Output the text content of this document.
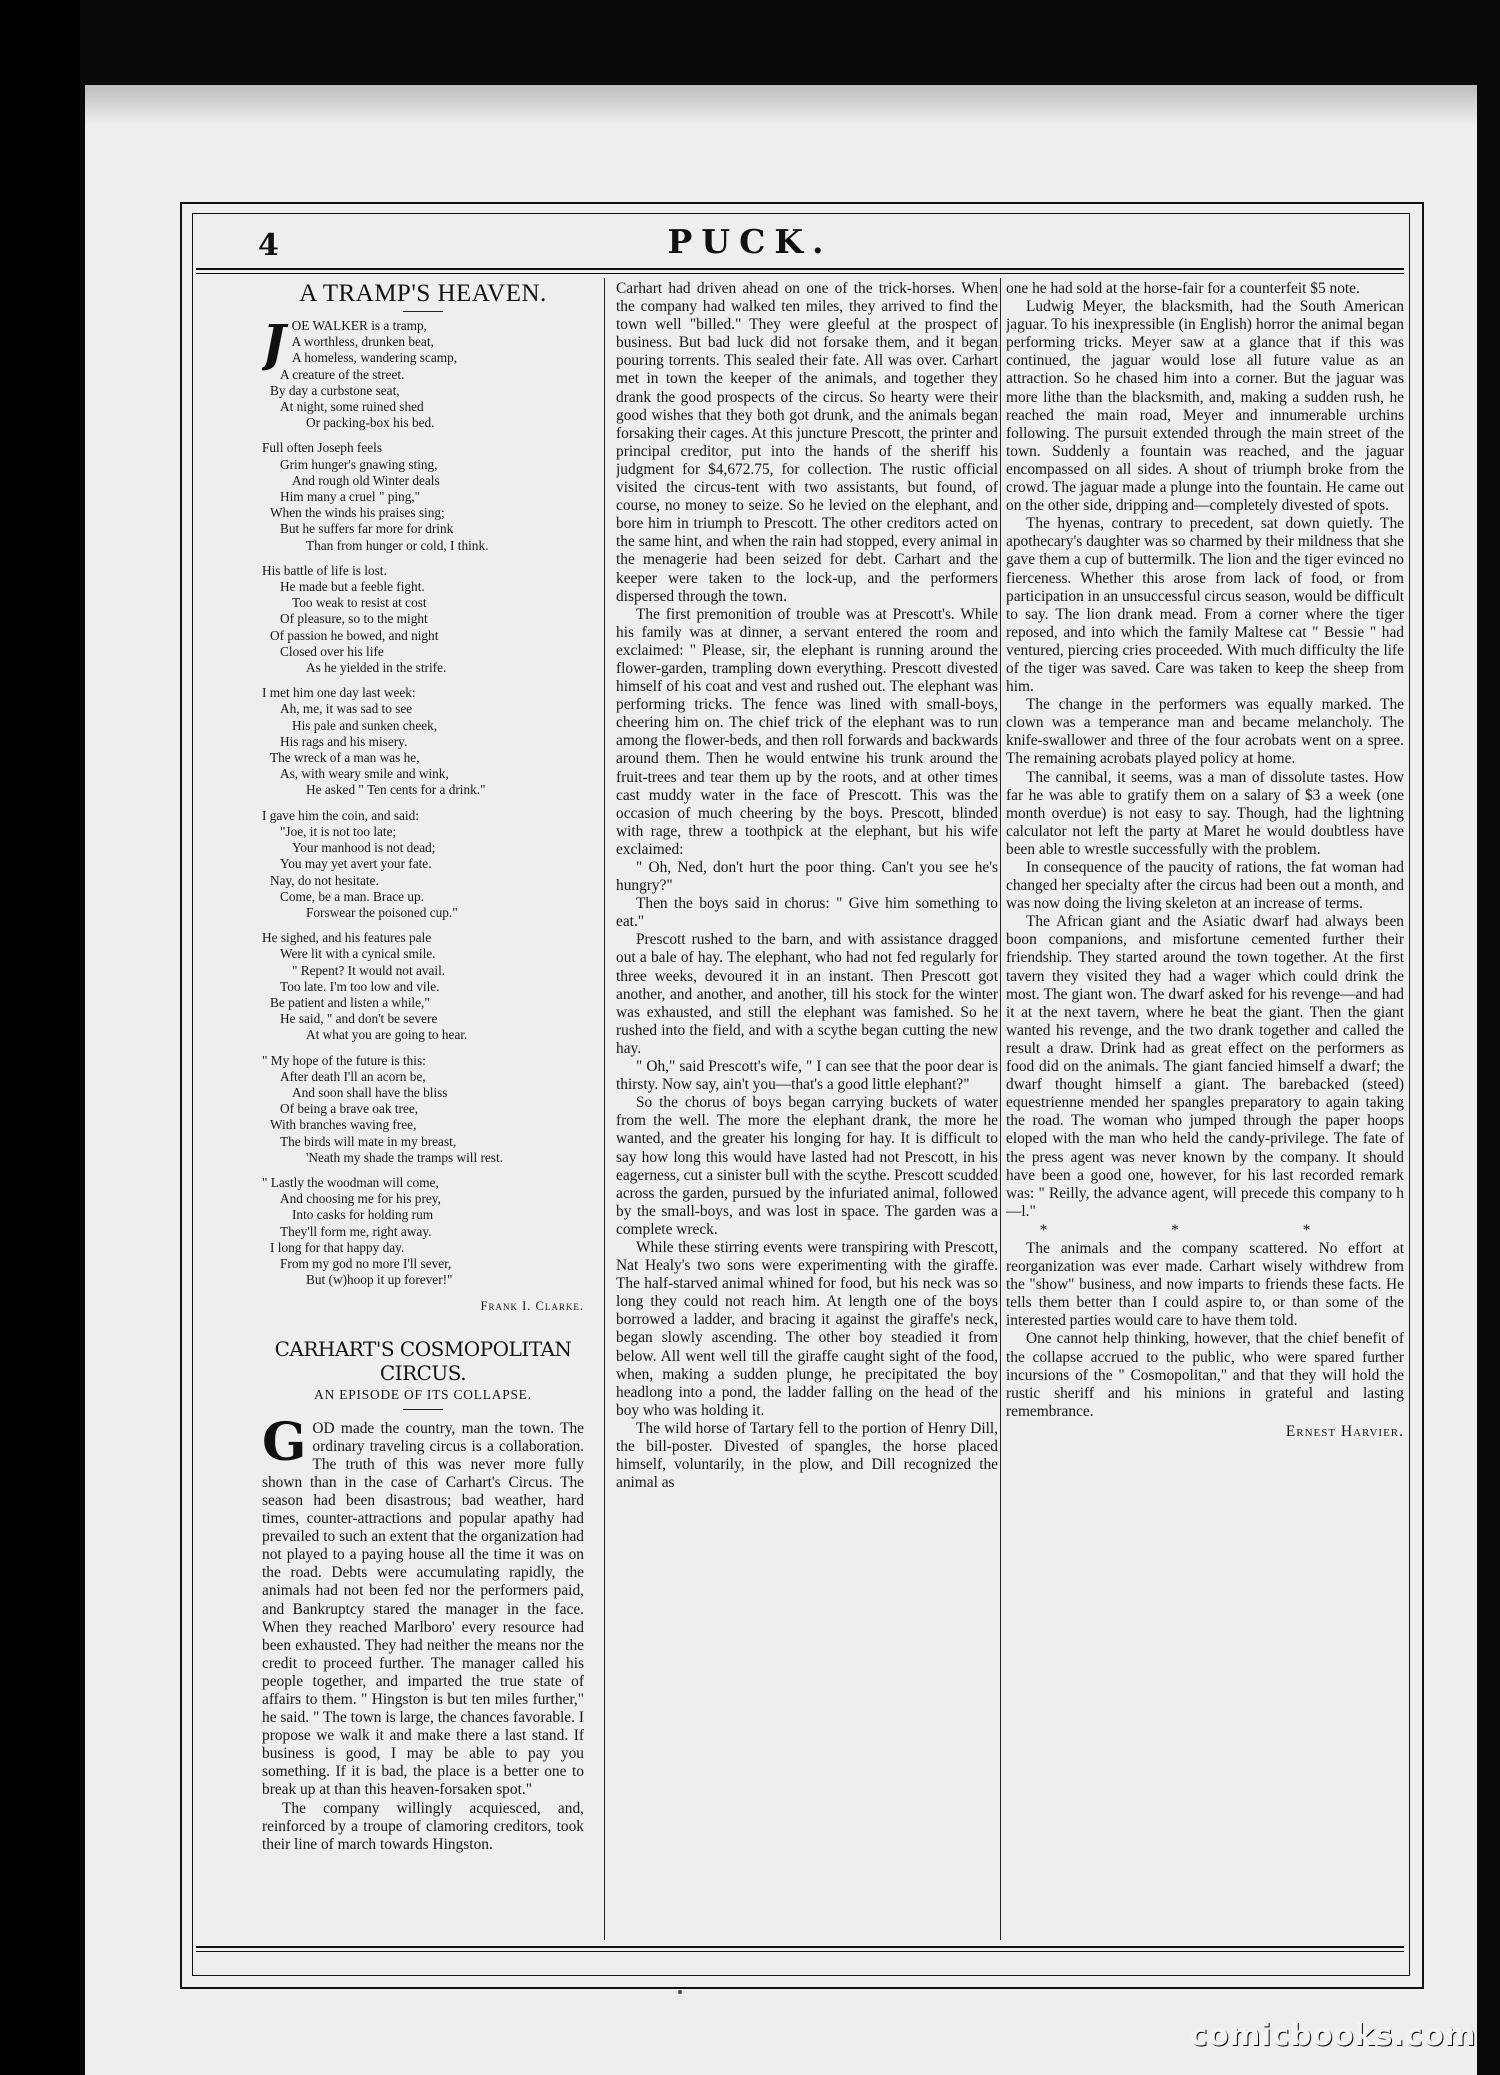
4	PUCK.
A TRAMP'S HEAVEN.
J OE WALKER is a tramp,
A worthless, drunken beat,
A homeless, wandering scamp,
A creature of the street.
By day a curbstone seat,
At night, some ruined shed
Or packing-box his bed.
Full often Joseph feels
Grim hunger's gnawing sting,
And rough old Winter deals
Him many a cruel " ping,"
When the winds his praises sing;
But he suffers far more for drink
Than from hunger or cold, I think.
His battle of life is lost.
He made but a feeble fight.
Too weak to resist at cost
Of pleasure, so to the might
Of passion he bowed, and night
Closed over his life
As he yielded in the strife.
I met him one day last week:
Ah, me, it was sad to see
His pale and sunken cheek,
His rags and his misery.
The wreck of a man was he,
As, with weary smile and wink,
He asked " Ten cents for a drink."
I gave him the coin, and said:
"Joe, it is not too late;
Your manhood is not dead;
You may yet avert your fate.
Nay, do not hesitate.
Come, be a man. Brace up.
Forswear the poisoned cup."
He sighed, and his features pale
Were lit with a cynical smile.
" Repent? It would not avail.
Too late. I'm too low and vile.
Be patient and listen a while,"
He said, " and don't be severe
At what you are going to hear.
" My hope of the future is this:
After death I'll an acorn be,
And soon shall have the bliss
Of being a brave oak tree,
With branches waving free,
The birds will mate in my breast,
'Neath my shade the tramps will rest.
" Lastly the woodman will come,
And choosing me for his prey,
Into casks for holding rum
They'll form me, right away.
I long for that happy day.
From my god no more I'll sever,
But (w)hoop it up forever!"
Frank I. Clarke.
CARHART'S COSMOPOLITAN CIRCUS.
AN EPISODE OF ITS COLLAPSE.
G OD made the country, man the town. The ordinary traveling circus is a collaboration. The truth of this was never more fully shown than in the case of Carhart's Circus. The season had been disastrous; bad weather, hard times, counter-attractions and popular apathy had prevailed to such an extent that the organization had not played to a paying house all the time it was on the road. Debts were accumulating rapidly, the animals had not been fed nor the performers paid, and Bankruptcy stared the manager in the face. When they reached Marlboro' every resource had been exhausted. They had neither the means nor the credit to proceed further. The manager called his people together, and imparted the true state of affairs to them. " Hingston is but ten miles further," he said. " The town is large, the chances favorable. I propose we walk it and make there a last stand. If business is good, I may be able to pay you something. If it is bad, the place is a better one to break up at than this heaven-forsaken spot."

The company willingly acquiesced, and, reinforced by a troupe of clamoring creditors, took their line of march towards Hingston.

Carhart had driven ahead on one of the trick-horses. When the company had walked ten miles, they arrived to find the town well "billed." They were gleeful at the prospect of business. But bad luck did not forsake them, and it began pouring torrents. This sealed their fate. All was over. Carhart met in town the keeper of the animals, and together they drank the good prospects of the circus. So hearty were their good wishes that they both got drunk, and the animals began forsaking their cages. At this juncture Prescott, the printer and principal creditor, put into the hands of the sheriff his judgment for $4,672.75, for collection. The rustic official visited the circus-tent with two assistants, but found, of course, no money to seize. So he levied on the elephant, and bore him in triumph to Prescott. The other creditors acted on the same hint, and when the rain had stopped, every animal in the menagerie had been seized for debt. Carhart and the keeper were taken to the lock-up, and the performers dispersed through the town.

The first premonition of trouble was at Prescott's. While his family was at dinner, a servant entered the room and exclaimed: " Please, sir, the elephant is running around the flower-garden, trampling down everything. Prescott divested himself of his coat and vest and rushed out. The elephant was performing tricks. The fence was lined with small-boys, cheering him on. The chief trick of the elephant was to run among the flower-beds, and then roll forwards and backwards around them. Then he would entwine his trunk around the fruit-trees and tear them up by the roots, and at other times cast muddy water in the face of Prescott. This was the occasion of much cheering by the boys. Prescott, blinded with rage, threw a toothpick at the elephant, but his wife exclaimed:

" Oh, Ned, don't hurt the poor thing. Can't you see he's hungry?"

Then the boys said in chorus: " Give him something to eat."

Prescott rushed to the barn, and with assistance dragged out a bale of hay. The elephant, who had not fed regularly for three weeks, devoured it in an instant. Then Prescott got another, and another, and another, till his stock for the winter was exhausted, and still the elephant was famished. So he rushed into the field, and with a scythe began cutting the new hay.

" Oh," said Prescott's wife, " I can see that the poor dear is thirsty. Now say, ain't you—that's a good little elephant?"

So the chorus of boys began carrying buckets of water from the well. The more the elephant drank, the more he wanted, and the greater his longing for hay. It is difficult to say how long this would have lasted had not Prescott, in his eagerness, cut a sinister bull with the scythe. Prescott scudded across the garden, pursued by the infuriated animal, followed by the small-boys, and was lost in space. The garden was a complete wreck.

While these stirring events were transpiring with Prescott, Nat Healy's two sons were experimenting with the giraffe. The half-starved animal whined for food, but his neck was so long they could not reach him. At length one of the boys borrowed a ladder, and bracing it against the giraffe's neck, began slowly ascending. The other boy steadied it from below. All went well till the giraffe caught sight of the food, when, making a sudden plunge, he precipitated the boy headlong into a pond, the ladder falling on the head of the boy who was holding it.

The wild horse of Tartary fell to the portion of Henry Dill, the bill-poster. Divested of spangles, the horse placed himself, voluntarily, in the plow, and Dill recognized the animal as

one he had sold at the horse-fair for a counterfeit $5 note.

Ludwig Meyer, the blacksmith, had the South American jaguar. To his inexpressible (in English) horror the animal began performing tricks. Meyer saw at a glance that if this was continued, the jaguar would lose all future value as an attraction. So he chased him into a corner. But the jaguar was more lithe than the blacksmith, and, making a sudden rush, he reached the main road, Meyer and innumerable urchins following. The pursuit extended through the main street of the town. Suddenly a fountain was reached, and the jaguar encompassed on all sides. A shout of triumph broke from the crowd. The jaguar made a plunge into the fountain. He came out on the other side, dripping and—completely divested of spots.

The hyenas, contrary to precedent, sat down quietly. The apothecary's daughter was so charmed by their mildness that she gave them a cup of buttermilk. The lion and the tiger evinced no fierceness. Whether this arose from lack of food, or from participation in an unsuccessful circus season, would be difficult to say. The lion drank mead. From a corner where the tiger reposed, and into which the family Maltese cat " Bessie " had ventured, piercing cries proceeded. With much difficulty the life of the tiger was saved. Care was taken to keep the sheep from him.

The change in the performers was equally marked. The clown was a temperance man and became melancholy. The knife-swallower and three of the four acrobats went on a spree. The remaining acrobats played policy at home.

The cannibal, it seems, was a man of dissolute tastes. How far he was able to gratify them on a salary of $3 a week (one month overdue) is not easy to say. Though, had the lightning calculator not left the party at Maret he would doubtless have been able to wrestle successfully with the problem.

In consequence of the paucity of rations, the fat woman had changed her specialty after the circus had been out a month, and was now doing the living skeleton at an increase of terms.

The African giant and the Asiatic dwarf had always been boon companions, and misfortune cemented further their friendship. They started around the town together. At the first tavern they visited they had a wager which could drink the most. The giant won. The dwarf asked for his revenge—and had it at the next tavern, where he beat the giant. Then the giant wanted his revenge, and the two drank together and called the result a draw. Drink had as great effect on the performers as food did on the animals. The giant fancied himself a dwarf; the dwarf thought himself a giant. The barebacked (steed) equestrienne mended her spangles preparatory to again taking the road. The woman who jumped through the paper hoops eloped with the man who held the candy-privilege. The fate of the press agent was never known by the company. It should have been a good one, however, for his last recorded remark was: " Reilly, the advance agent, will precede this company to h—l."

* * *

The animals and the company scattered. No effort at reorganization was ever made. Carhart wisely withdrew from the "show" business, and now imparts to friends these facts. He tells them better than I could aspire to, or than some of the interested parties would care to have them told.

One cannot help thinking, however, that the chief benefit of the collapse accrued to the public, who were spared further incursions of the " Cosmopolitan," and that they will hold the rustic sheriff and his minions in grateful and lasting remembrance.

Ernest Harvier.
comicbooks.com
